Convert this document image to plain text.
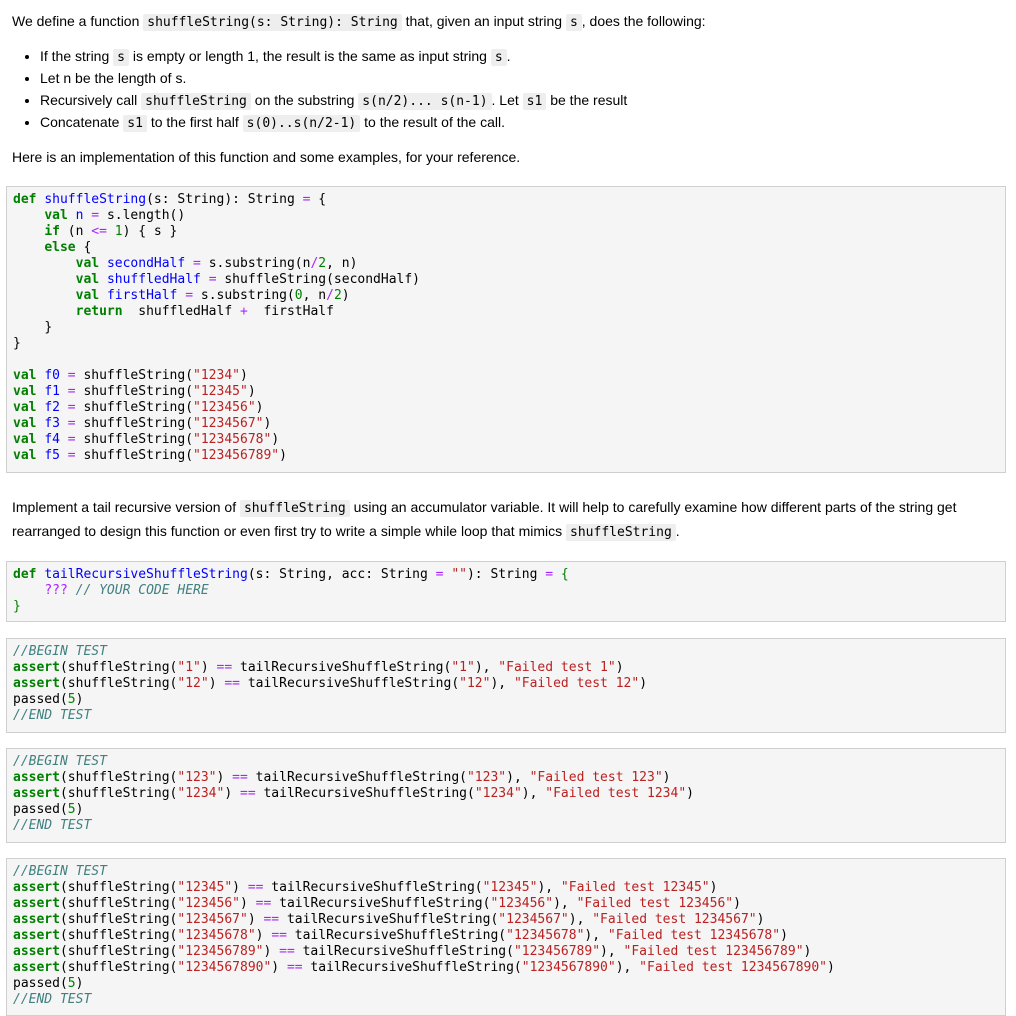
We define a function shuffleString(s: String): String that, given an input string s , does the following:
• If the string s is empty or length 1, the result is the same as input string s .
• Let n be the length of s.
• Recursively call shuffleString on the substring s(n/2)... s(n-1) . Let s1 be the result
• Concatenate s1 to the first half s(0)..s(n/2-1) to the result of the call.
Here is an implementation of this function and some examples, for your reference.
def shuffleString(s: String): String = {
val n = s.length()
if (n <= 1) { s }
else {
val secondHalf = s.substring(n/2, n)
val shuffledHalf = shuffleString(secondHalf)
val firstHalf = s.substring(0, n/2)
return  shuffledHalf +  firstHalf
}
}

val f0 = shuffleString("1234")
val f1 = shuffleString("12345")
val f2 = shuffleString("123456")
val f3 = shuffleString("1234567")
val f4 = shuffleString("12345678")
val f5 = shuffleString("123456789")
Implement a tail recursive version of shuffleString using an accumulator variable. It will help to carefully examine how different parts of the string get rearranged to design this function or even first try to write a simple while loop that mimics shuffleString .
def tailRecursiveShuffleString(s: String, acc: String = ""): String = {
??? // YOUR CODE HERE
}
//BEGIN TEST
assert(shuffleString("1") == tailRecursiveShuffleString("1"), "Failed test 1")
assert(shuffleString("12") == tailRecursiveShuffleString("12"), "Failed test 12")
passed(5)
//END TEST
//BEGIN TEST
assert(shuffleString("123") == tailRecursiveShuffleString("123"), "Failed test 123")
assert(shuffleString("1234") == tailRecursiveShuffleString("1234"), "Failed test 1234")
passed(5)
//END TEST
//BEGIN TEST
assert(shuffleString("12345") == tailRecursiveShuffleString("12345"), "Failed test 12345")
assert(shuffleString("123456") == tailRecursiveShuffleString("123456"), "Failed test 123456")
assert(shuffleString("1234567") == tailRecursiveShuffleString("1234567"), "Failed test 1234567")
assert(shuffleString("12345678") == tailRecursiveShuffleString("12345678"), "Failed test 12345678")
assert(shuffleString("123456789") == tailRecursiveShuffleString("123456789"), "Failed test 123456789")
assert(shuffleString("1234567890") == tailRecursiveShuffleString("1234567890"), "Failed test 1234567890")
passed(5)
//END TEST
